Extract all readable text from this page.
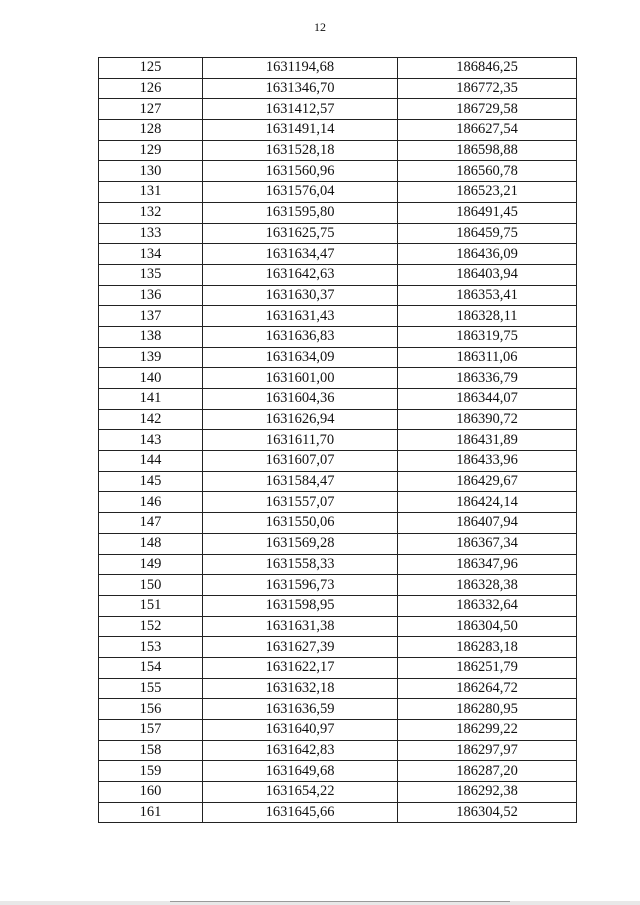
12
125	1631194,68	186846,25
126	1631346,70	186772,35
127	1631412,57	186729,58
128	1631491,14	186627,54
129	1631528,18	186598,88
130	1631560,96	186560,78
131	1631576,04	186523,21
132	1631595,80	186491,45
133	1631625,75	186459,75
134	1631634,47	186436,09
135	1631642,63	186403,94
136	1631630,37	186353,41
137	1631631,43	186328,11
138	1631636,83	186319,75
139	1631634,09	186311,06
140	1631601,00	186336,79
141	1631604,36	186344,07
142	1631626,94	186390,72
143	1631611,70	186431,89
144	1631607,07	186433,96
145	1631584,47	186429,67
146	1631557,07	186424,14
147	1631550,06	186407,94
148	1631569,28	186367,34
149	1631558,33	186347,96
150	1631596,73	186328,38
151	1631598,95	186332,64
152	1631631,38	186304,50
153	1631627,39	186283,18
154	1631622,17	186251,79
155	1631632,18	186264,72
156	1631636,59	186280,95
157	1631640,97	186299,22
158	1631642,83	186297,97
159	1631649,68	186287,20
160	1631654,22	186292,38
161	1631645,66	186304,52
